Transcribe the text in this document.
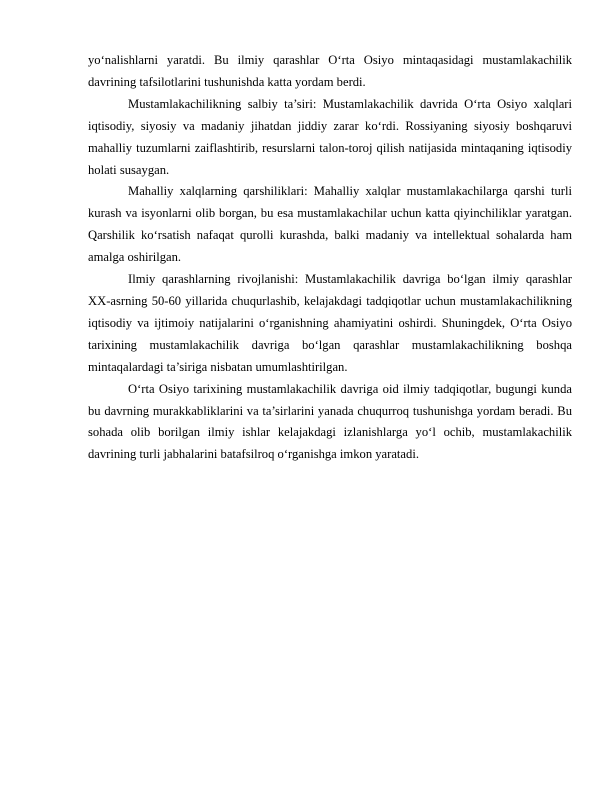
yo‘nalishlarni yaratdi. Bu ilmiy qarashlar O‘rta Osiyo mintaqasidagi mustamlakachilik davrining tafsilotlarini tushunishda katta yordam berdi.

Mustamlakachilikning salbiy ta’siri: Mustamlakachilik davrida O‘rta Osiyo xalqlari iqtisodiy, siyosiy va madaniy jihatdan jiddiy zarar ko‘rdi. Rossiyaning siyosiy boshqaruvi mahalliy tuzumlarni zaiflashtirib, resurslarni talon-toroj qilish natijasida mintaqaning iqtisodiy holati susaygan.

Mahalliy xalqlarning qarshiliklari: Mahalliy xalqlar mustamlakachilarga qarshi turli kurash va isyonlarni olib borgan, bu esa mustamlakachilar uchun katta qiyinchiliklar yaratgan. Qarshilik ko‘rsatish nafaqat qurolli kurashda, balki madaniy va intellektual sohalarda ham amalga oshirilgan.

Ilmiy qarashlarning rivojlanishi: Mustamlakachilik davriga bo‘lgan ilmiy qarashlar XX-asrning 50-60 yillarida chuqurlashib, kelajakdagi tadqiqotlar uchun mustamlakachilikning iqtisodiy va ijtimoiy natijalarini o‘rganishning ahamiyatini oshirdi. Shuningdek, O‘rta Osiyo tarixining mustamlakachilik davriga bo‘lgan qarashlar mustamlakachilikning boshqa mintaqalardagi ta’siriga nisbatan umumlashtirilgan.

O‘rta Osiyo tarixining mustamlakachilik davriga oid ilmiy tadqiqotlar, bugungi kunda bu davrning murakkabliklarini va ta’sirlarini yanada chuqurroq tushunishga yordam beradi. Bu sohada olib borilgan ilmiy ishlar kelajakdagi izlanishlarga yo‘l ochib, mustamlakachilik davrining turli jabhalarini batafsilroq o‘rganishga imkon yaratadi.
